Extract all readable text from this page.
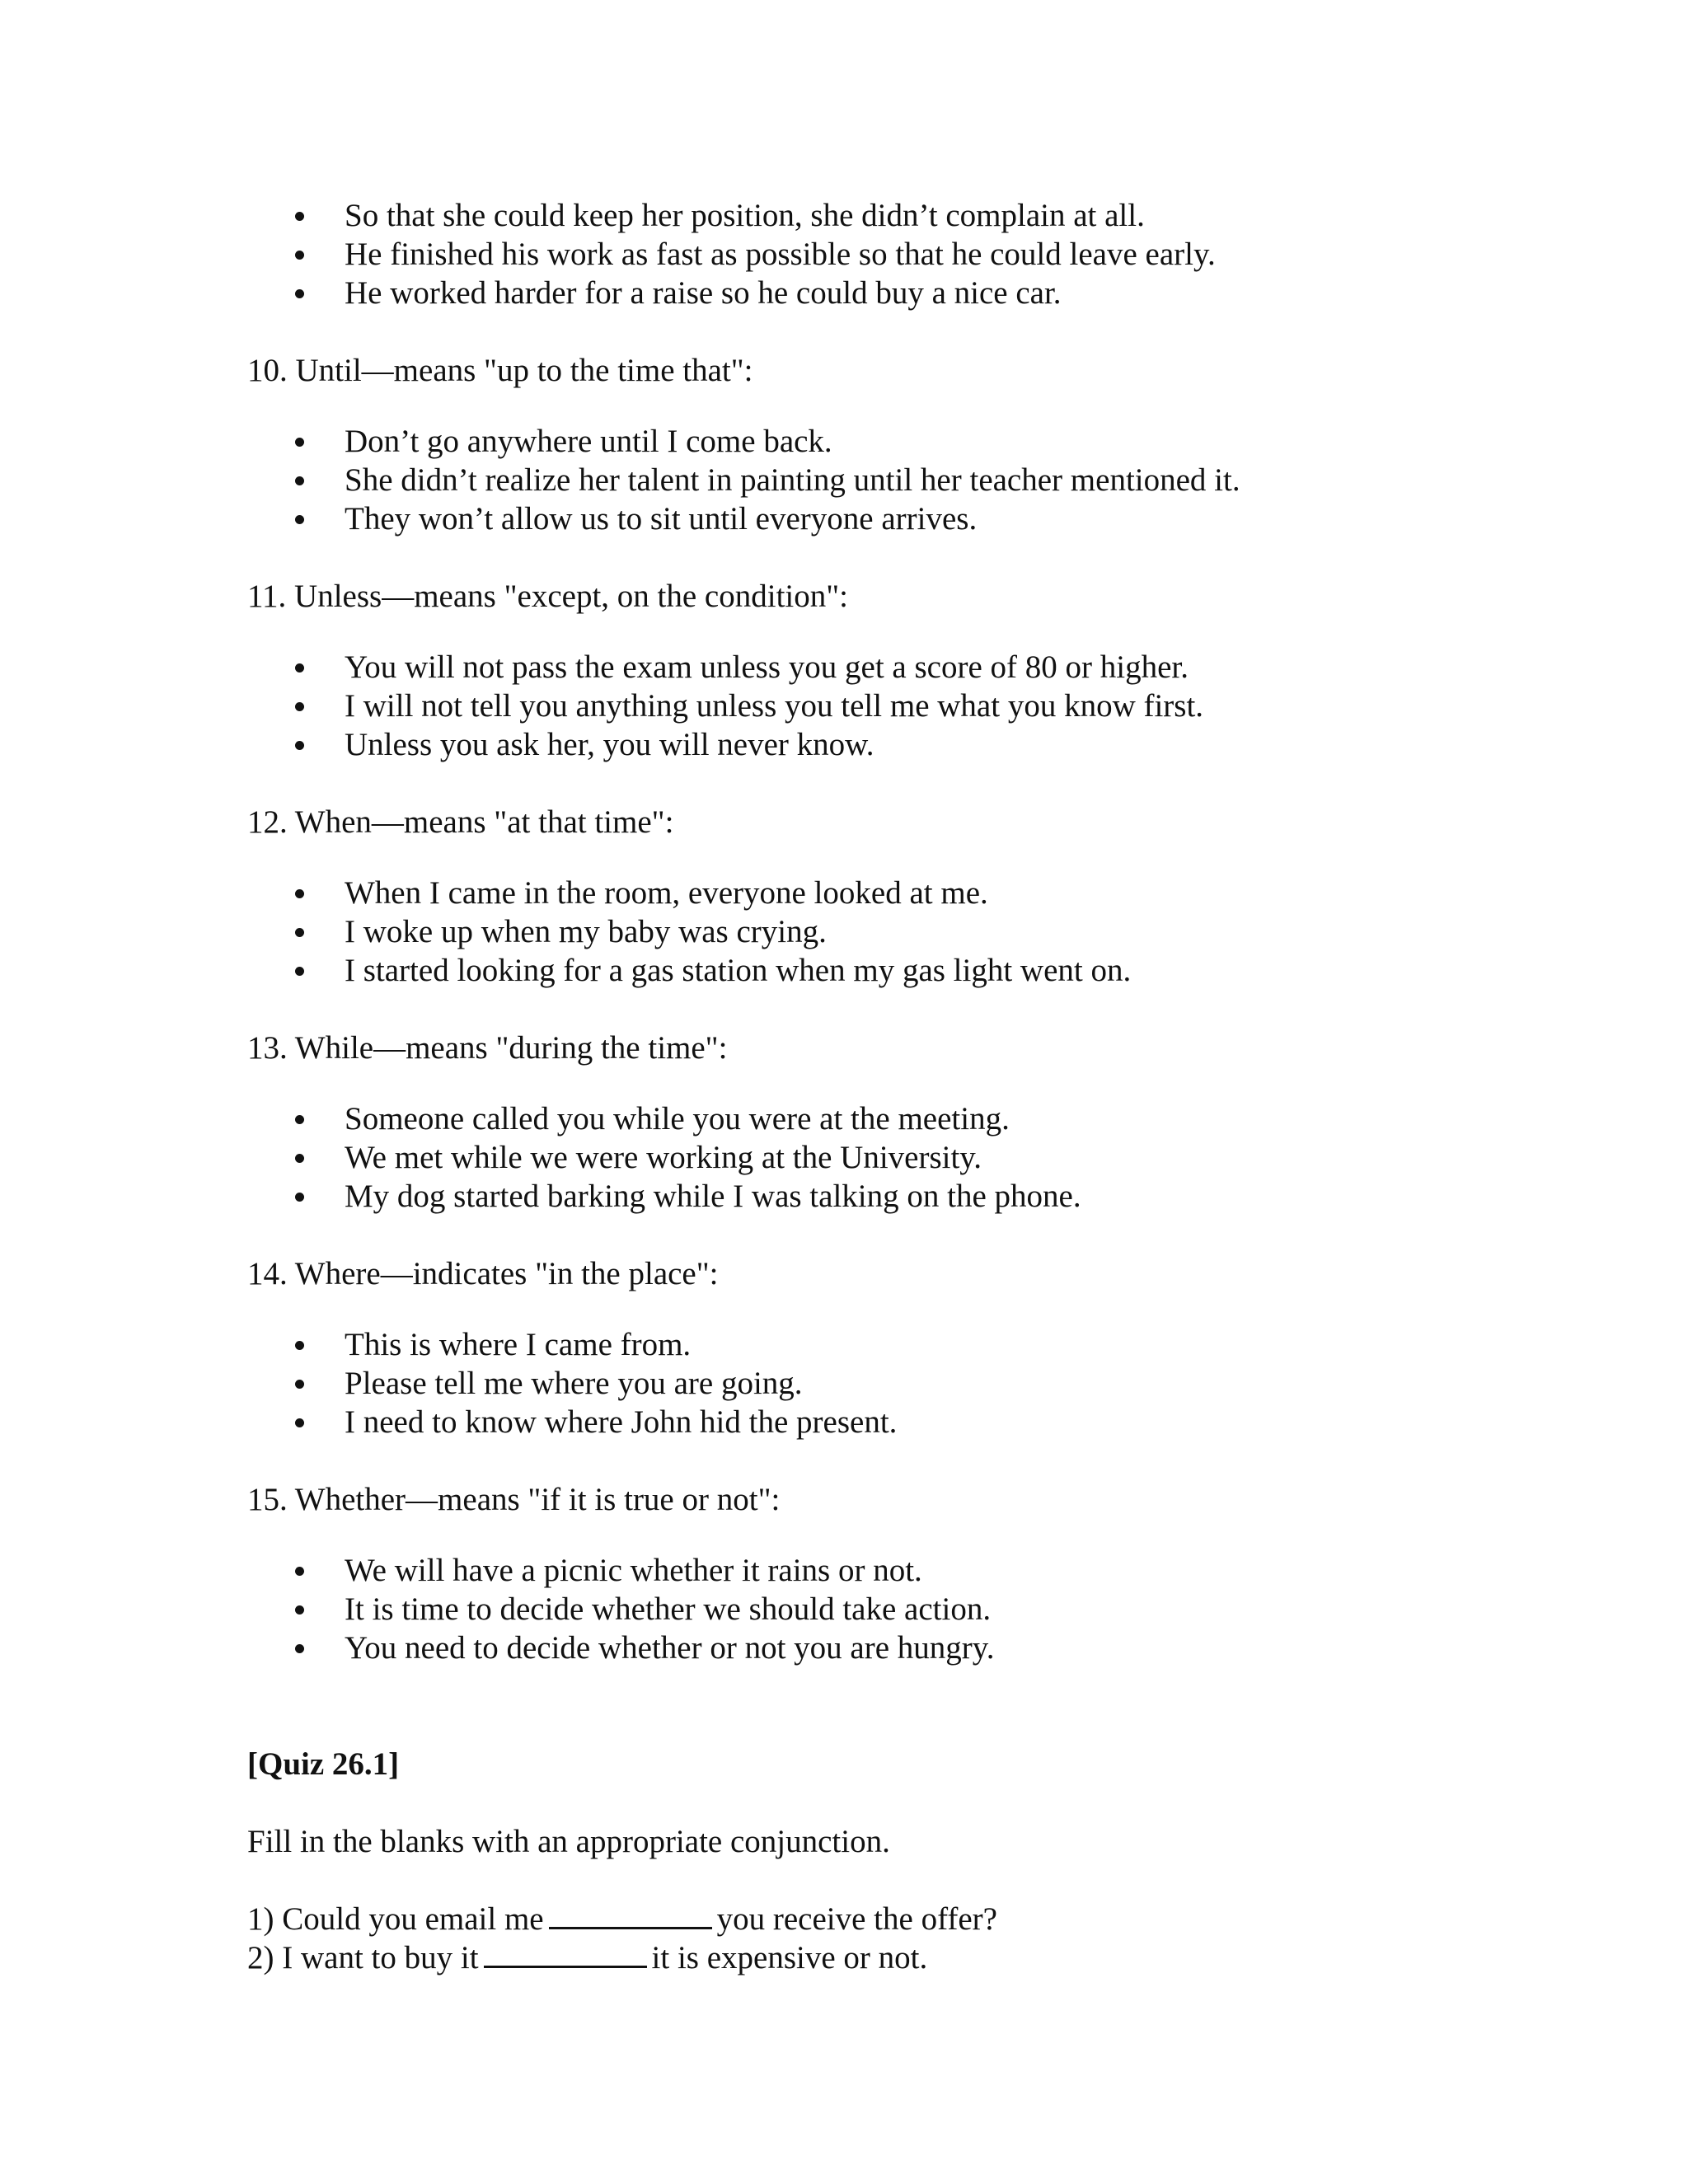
So that she could keep her position, she didn’t complain at all.
He finished his work as fast as possible so that he could leave early.
He worked harder for a raise so he could buy a nice car.
10. Until—means "up to the time that":
Don’t go anywhere until I come back.
She didn’t realize her talent in painting until her teacher mentioned it.
They won’t allow us to sit until everyone arrives.
11. Unless—means "except, on the condition":
You will not pass the exam unless you get a score of 80 or higher.
I will not tell you anything unless you tell me what you know first.
Unless you ask her, you will never know.
12. When—means "at that time":
When I came in the room, everyone looked at me.
I woke up when my baby was crying.
I started looking for a gas station when my gas light went on.
13. While—means "during the time":
Someone called you while you were at the meeting.
We met while we were working at the University.
My dog started barking while I was talking on the phone.
14. Where—indicates "in the place":
This is where I came from.
Please tell me where you are going.
I need to know where John hid the present.
15. Whether—means "if it is true or not":
We will have a picnic whether it rains or not.
It is time to decide whether we should take action.
You need to decide whether or not you are hungry.
[Quiz 26.1]
Fill in the blanks with an appropriate conjunction.
1) Could you email me	you receive the offer?
2) I want to buy it	it is expensive or not.
